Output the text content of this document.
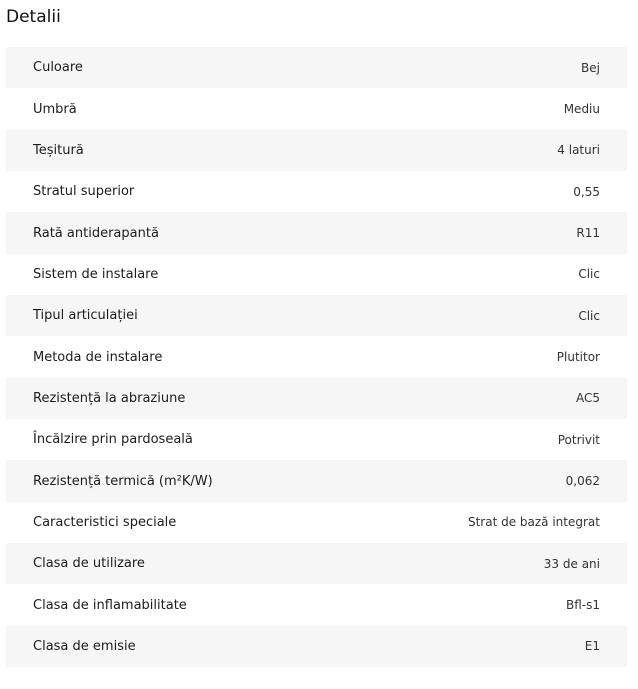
Detalii
Culoare	Bej
Umbră	Mediu
Teșitură	4 laturi
Stratul superior	0,55
Rată antiderapantă	R11
Sistem de instalare	Clic
Tipul articulației	Clic
Metoda de instalare	Plutitor
Rezistență la abraziune	AC5
Încălzire prin pardoseală	Potrivit
Rezistență termică (m²K/W)	0,062
Caracteristici speciale	Strat de bază integrat
Clasa de utilizare	33 de ani
Clasa de inflamabilitate	Bfl-s1
Clasa de emisie	E1
